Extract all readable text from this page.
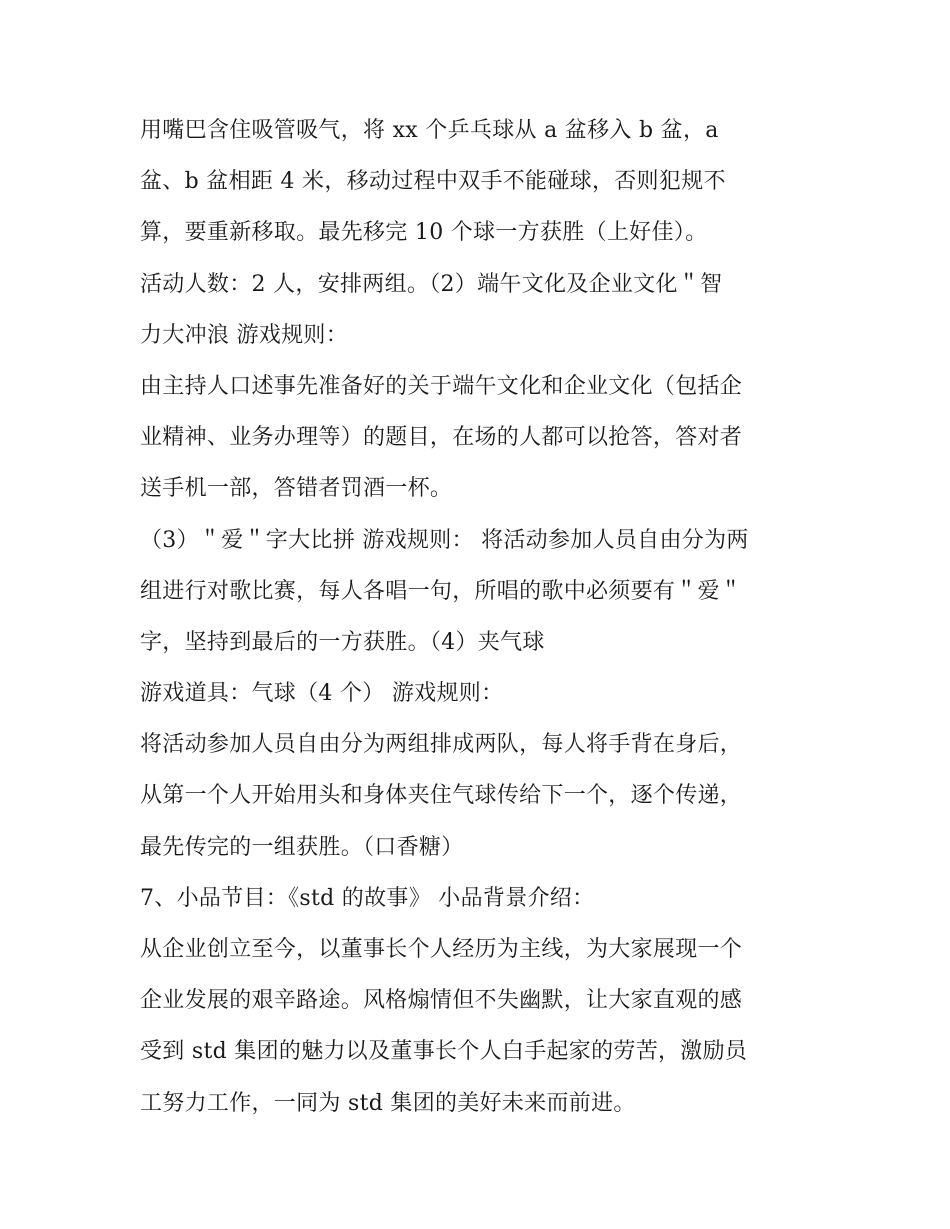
用嘴巴含住吸管吸气，将 xx 个乒乓球从 a 盆移入 b 盆，a
盆、b 盆相距 4 米，移动过程中双手不能碰球，否则犯规不
算，要重新移取。最先移完 10 个球一方获胜（上好佳）。
活动人数：2 人，安排两组。（2）端午文化及企业文化＂智
力大冲浪 游戏规则：
由主持人口述事先准备好的关于端午文化和企业文化（包括企
业精神、业务办理等）的题目，在场的人都可以抢答，答对者
送手机一部，答错者罚酒一杯。
（3）＂爱＂字大比拼 游戏规则： 将活动参加人员自由分为两
组进行对歌比赛，每人各唱一句，所唱的歌中必须要有＂爱＂
字，坚持到最后的一方获胜。（4）夹气球
游戏道具：气球（4 个） 游戏规则：
将活动参加人员自由分为两组排成两队，每人将手背在身后，
从第一个人开始用头和身体夹住气球传给下一个，逐个传递，
最先传完的一组获胜。（口香糖）
7、小品节目：《std 的故事》 小品背景介绍：
从企业创立至今，以董事长个人经历为主线，为大家展现一个
企业发展的艰辛路途。风格煽情但不失幽默，让大家直观的感
受到 std 集团的魅力以及董事长个人白手起家的劳苦，激励员
工努力工作，一同为 std 集团的美好未来而前进。
